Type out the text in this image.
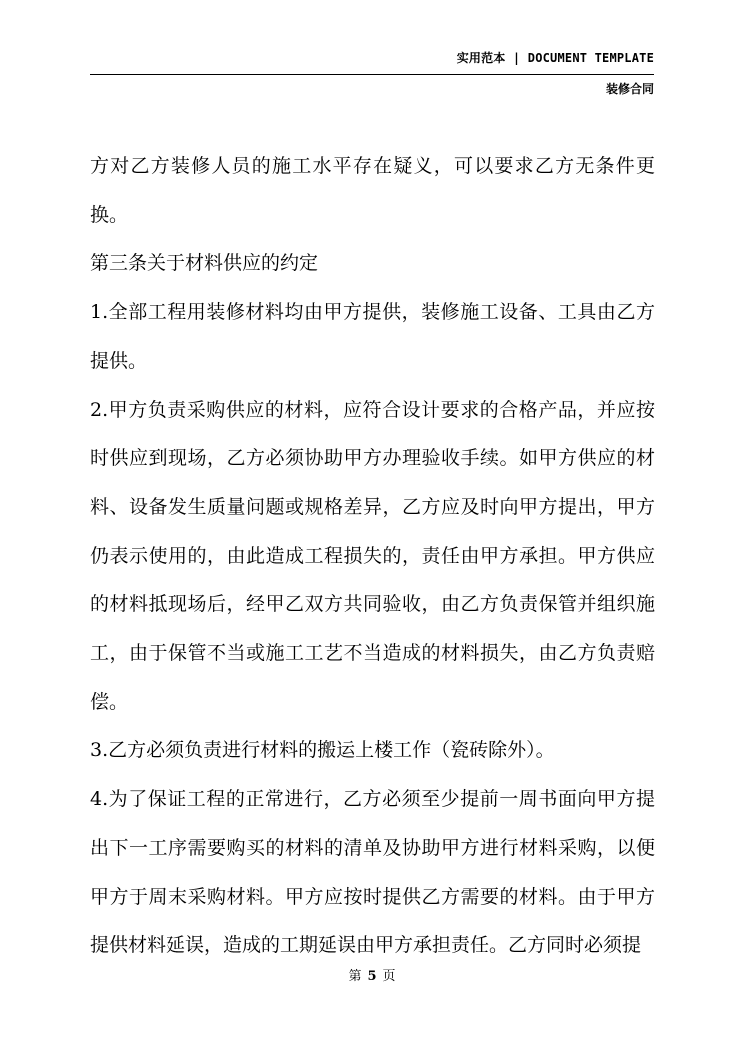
实用范本 | DOCUMENT TEMPLATE
装修合同

方对乙方装修人员的施工水平存在疑义，可以要求乙方无条件更换。

第三条关于材料供应的约定

1.全部工程用装修材料均由甲方提供，装修施工设备、工具由乙方提供。

2.甲方负责采购供应的材料，应符合设计要求的合格产品，并应按时供应到现场，乙方必须协助甲方办理验收手续。如甲方供应的材料、设备发生质量问题或规格差异，乙方应及时向甲方提出，甲方仍表示使用的，由此造成工程损失的，责任由甲方承担。甲方供应的材料抵现场后，经甲乙双方共同验收，由乙方负责保管并组织施工，由于保管不当或施工工艺不当造成的材料损失，由乙方负责赔偿。

3.乙方必须负责进行材料的搬运上楼工作（瓷砖除外）。

4.为了保证工程的正常进行，乙方必须至少提前一周书面向甲方提出下一工序需要购买的材料的清单及协助甲方进行材料采购，以便甲方于周末采购材料。甲方应按时提供乙方需要的材料。由于甲方提供材料延误，造成的工期延误由甲方承担责任。乙方同时必须提

第 5 页
